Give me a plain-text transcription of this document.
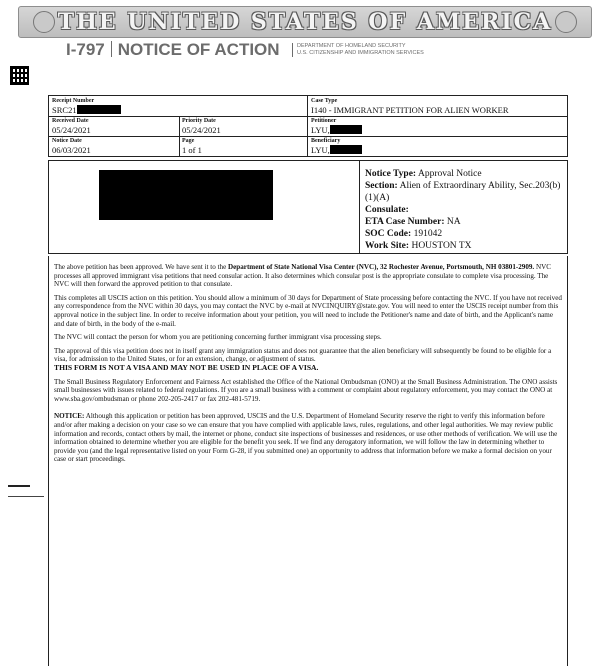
THE UNITED STATES OF AMERICA
I-797 NOTICE OF ACTION	DEPARTMENT OF HOMELAND SECURITY
U.S. CITIZENSHIP AND IMMIGRATION SERVICES
Receipt Number
SRC21
Case Type
I140 - IMMIGRANT PETITION FOR ALIEN WORKER
Received Date
05/24/2021
Priority Date
05/24/2021
Petitioner
LYU,
Notice Date
06/03/2021
Page
1 of 1
Beneficiary
LYU,
Notice Type: Approval Notice
Section: Alien of Extraordinary Ability, Sec.203(b)(1)(A)
Consulate:
ETA Case Number: NA
SOC Code: 191042
Work Site: HOUSTON TX

The above petition has been approved. We have sent it to the Department of State National Visa Center (NVC), 32 Rochester Avenue, Portsmouth, NH 03801-2909. NVC processes all approved immigrant visa petitions that need consular action. It also determines which consular post is the appropriate consulate to complete visa processing. The NVC will then forward the approved petition to that consulate.

This completes all USCIS action on this petition. You should allow a minimum of 30 days for Department of State processing before contacting the NVC. If you have not received any correspondence from the NVC within 30 days, you may contact the NVC by e-mail at NVCINQUIRY@state.gov. You will need to enter the USCIS receipt number from this approval notice in the subject line. In order to receive information about your petition, you will need to include the Petitioner's name and date of birth, and the Applicant's name and date of birth, in the body of the e-mail.

The NVC will contact the person for whom you are petitioning concerning further immigrant visa processing steps.

The approval of this visa petition does not in itself grant any immigration status and does not guarantee that the alien beneficiary will subsequently be found to be eligible for a visa, for admission to the United States, or for an extension, change, or adjustment of status.
THIS FORM IS NOT A VISA AND MAY NOT BE USED IN PLACE OF A VISA.

The Small Business Regulatory Enforcement and Fairness Act established the Office of the National Ombudsman (ONO) at the Small Business Administration. The ONO assists small businesses with issues related to federal regulations. If you are a small business with a comment or complaint about regulatory enforcement, you may contact the ONO at www.sba.gov/ombudsman or phone 202-205-2417 or fax 202-481-5719.

NOTICE: Although this application or petition has been approved, USCIS and the U.S. Department of Homeland Security reserve the right to verify this information before and/or after making a decision on your case so we can ensure that you have complied with applicable laws, rules, regulations, and other legal authorities. We may review public information and records, contact others by mail, the internet or phone, conduct site inspections of businesses and residences, or use other methods of verification. We will use the information obtained to determine whether you are eligible for the benefit you seek. If we find any derogatory information, we will follow the law in determining whether to provide you (and the legal representative listed on your Form G-28, if you submitted one) an opportunity to address that information before we make a formal decision on your case or start proceedings.
